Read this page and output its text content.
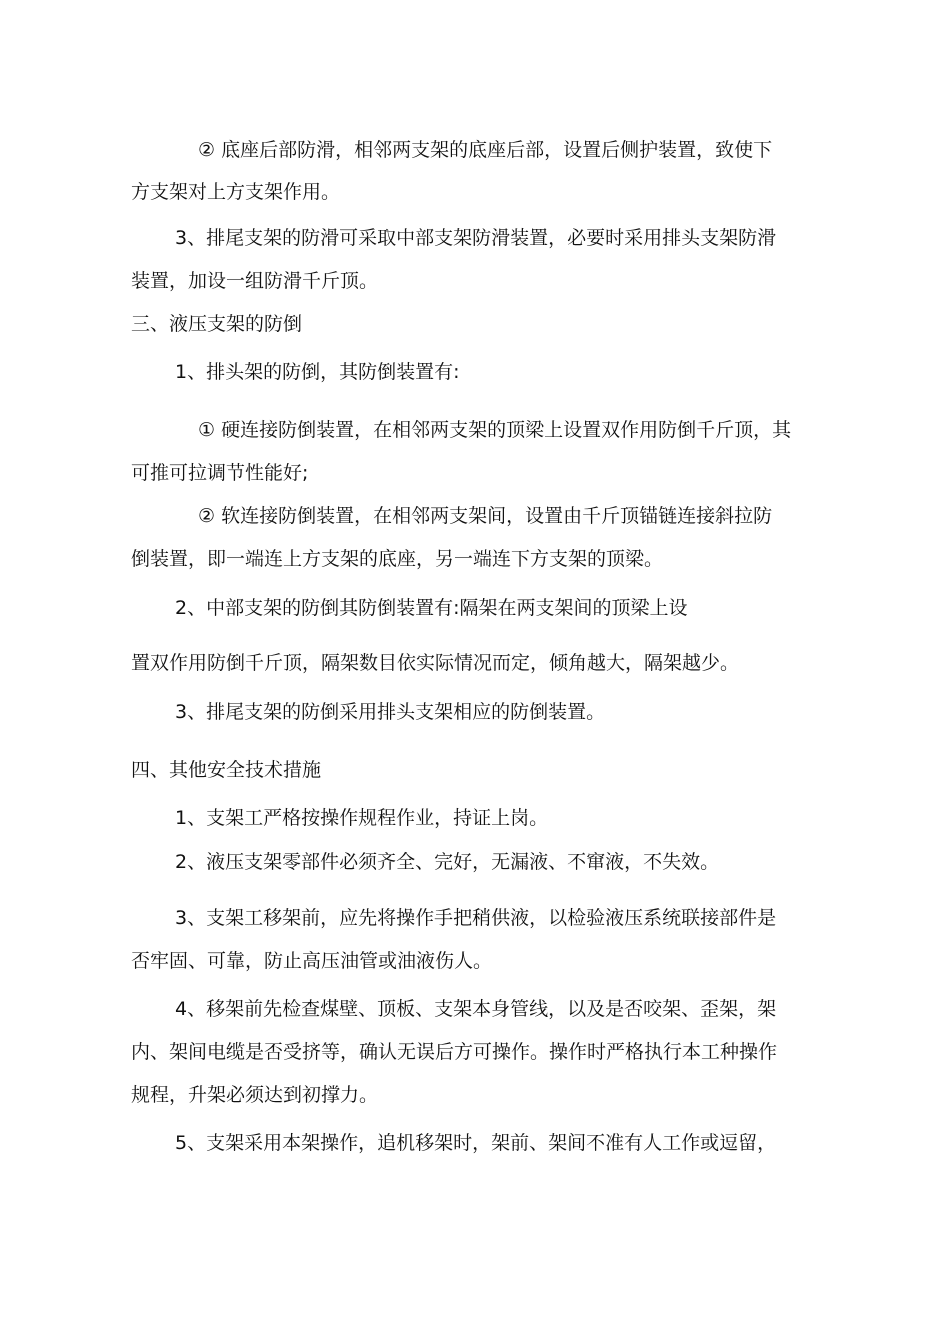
② 底座后部防滑，相邻两支架的底座后部，设置后侧护装置，致使下

方支架对上方支架作用。

3、排尾支架的防滑可采取中部支架防滑装置，必要时采用排头支架防滑

装置，加设一组防滑千斤顶。

三、液压支架的防倒

1、排头架的防倒，其防倒装置有:

① 硬连接防倒装置，在相邻两支架的顶梁上设置双作用防倒千斤顶，其

可推可拉调节性能好;

② 软连接防倒装置，在相邻两支架间，设置由千斤顶锚链连接斜拉防

倒装置，即一端连上方支架的底座，另一端连下方支架的顶梁。

2、中部支架的防倒其防倒装置有:隔架在两支架间的顶梁上设

置双作用防倒千斤顶，隔架数目依实际情况而定，倾角越大，隔架越少。

3、排尾支架的防倒采用排头支架相应的防倒装置。

四、其他安全技术措施

1、支架工严格按操作规程作业，持证上岗。

2、液压支架零部件必须齐全、完好，无漏液、不窜液，不失效。

3、支架工移架前，应先将操作手把稍供液，以检验液压系统联接部件是

否牢固、可靠，防止高压油管或油液伤人。

4、移架前先检查煤壁、顶板、支架本身管线，以及是否咬架、歪架，架

内、架间电缆是否受挤等，确认无误后方可操作。操作时严格执行本工种操作

规程，升架必须达到初撑力。

5、支架采用本架操作，追机移架时，架前、架间不准有人工作或逗留，
